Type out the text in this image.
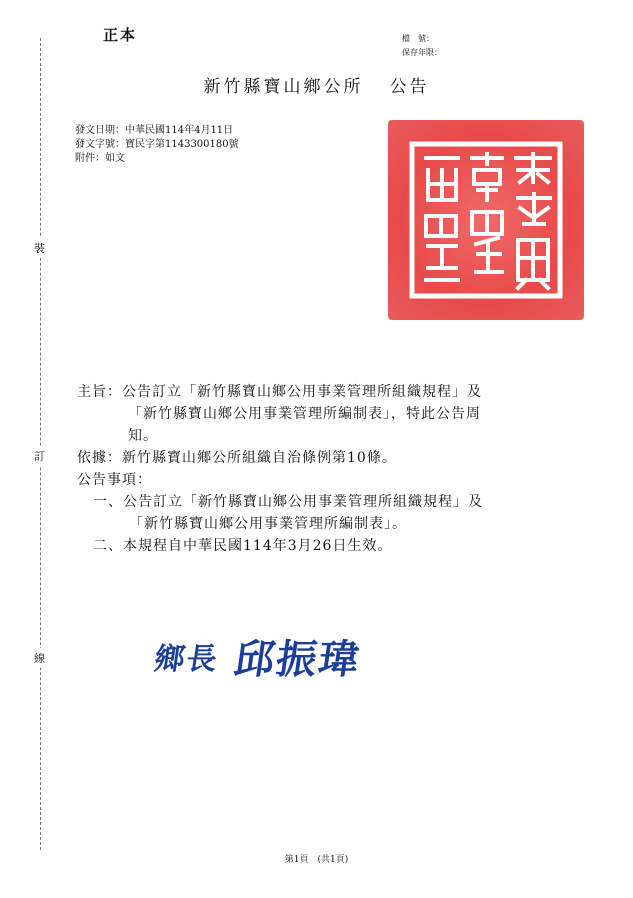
裝
訂
線
正本	檔　號：
保存年限：
新竹縣寶山鄉公所 公告
發文日期：中華民國114年4月11日
發文字號：寶民字第1143300180號
附件：如文
主旨：公告訂立「新竹縣寶山鄉公用事業管理所組織規程」及
「新竹縣寶山鄉公用事業管理所編制表」，特此公告周
知。
依據：新竹縣寶山鄉公所組織自治條例第10條。
公告事項：
一、公告訂立「新竹縣寶山鄉公用事業管理所組織規程」及
「新竹縣寶山鄉公用事業管理所編制表」。
二、本規程自中華民國114年3月26日生效。
鄉長 邱振瑋
第1頁　(共1頁)
